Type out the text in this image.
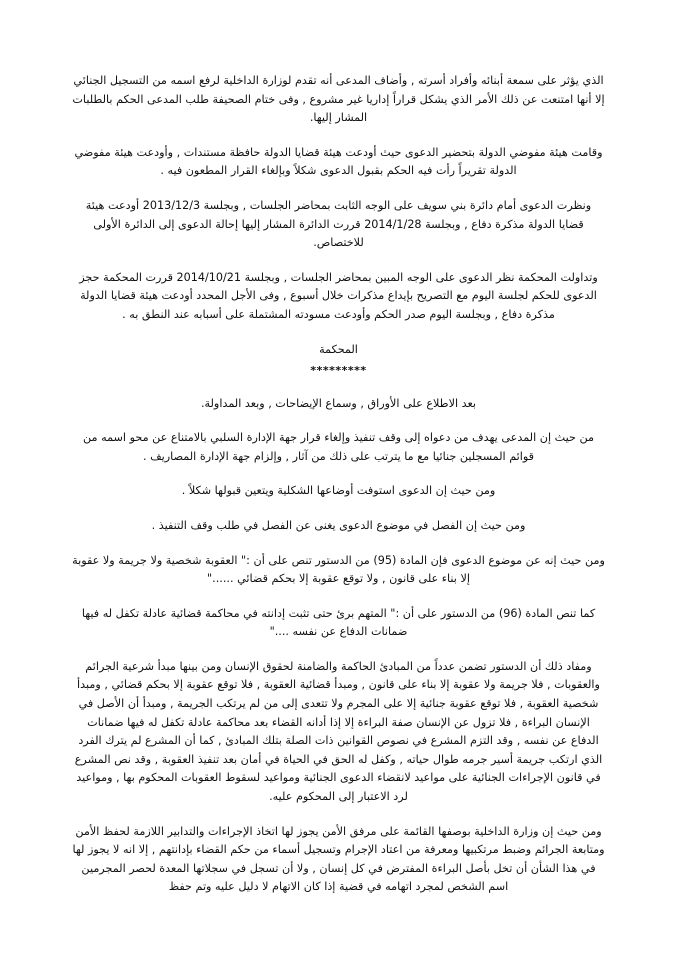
الذي يؤثر على سمعة أبنائه وأفراد أسرته , وأضاف المدعى أنه تقدم لوزارة الداخلية لرفع اسمه من التسجيل الجنائي إلا أنها امتنعت عن ذلك الأمر الذي يشكل قراراً إداريا غير مشروع , وفى ختام الصحيفة طلب المدعى الحكم بالطلبات المشار إليها.

وقامت هيئة مفوضي الدولة بتحضير الدعوى حيث أودعت هيئة قضايا الدولة حافظة مستندات , وأودعت هيئة مفوضي الدولة تقريراً رأت فيه الحكم بقبول الدعوى شكلاً وبإلغاء القرار المطعون فيه .

ونظرت الدعوى أمام دائرة بني سويف على الوجه الثابت بمحاضر الجلسات , وبجلسة 2013/12/3 أودعت هيئة قضايا الدولة مذكرة دفاع , وبجلسة 2014/1/28 قررت الدائرة المشار إليها إحالة الدعوى إلى الدائرة الأولى للاختصاص.

وتداولت المحكمة نظر الدعوى على الوجه المبين بمحاضر الجلسات , وبجلسة 2014/10/21 قررت المحكمة حجز الدعوى للحكم لجلسة اليوم مع التصريح بإيداع مذكرات خلال أسبوع , وفى الأجل المحدد أودعت هيئة قضايا الدولة مذكرة دفاع , وبجلسة اليوم صدر الحكم وأودعت مسودته المشتملة على أسبابه عند النطق به .

المحكمة

*********

بعد الاطلاع على الأوراق , وسماع الإيضاحات , وبعد المداولة.

من حيث إن المدعى يهدف من دعواه إلى وقف تنفيذ وإلغاء قرار جهة الإدارة السلبي بالامتناع عن محو اسمه من قوائم المسجلين جنائيا مع ما يترتب على ذلك من آثار , وإلزام جهة الإدارة المصاريف .

ومن حيث إن الدعوى استوفت أوضاعها الشكلية ويتعين قبولها شكلاً .

ومن حيث إن الفصل في موضوع الدعوى يغنى عن الفصل في طلب وقف التنفيذ .

ومن حيث إنه عن موضوع الدعوى فإن المادة (95) من الدستور تنص على أن :" العقوبة شخصية ولا جريمة ولا عقوبة إلا بناء على قانون , ولا توقع عقوبة إلا بحكم قضائي ......"

كما تنص المادة (96) من الدستور على أن :" المتهم برئ حتى تثبت إدانته في محاكمة قضائية عادلة تكفل له فيها ضمانات الدفاع عن نفسه ...."

ومفاد ذلك أن الدستور تضمن عدداً من المبادئ الحاكمة والضامنة لحقوق الإنسان ومن بينها مبدأ شرعية الجرائم والعقوبات , فلا جريمة ولا عقوبة إلا بناء على قانون , ومبدأ قضائية العقوبة , فلا توقع عقوبة إلا بحكم قضائي , ومبدأ شخصية العقوبة , فلا توقع عقوبة جنائية إلا على المجرم ولا تتعدى إلى من لم يرتكب الجريمة , ومبدأ أن الأصل في الإنسان البراءة , فلا تزول عن الإنسان صفة البراءة إلا إذا أدانه القضاء بعد محاكمة عادلة تكفل له فيها ضمانات الدفاع عن نفسه , وقد التزم المشرع في نصوص القوانين ذات الصلة بتلك المبادئ , كما أن المشرع لم يترك الفرد الذي ارتكب جريمة أسير جرمه طوال حياته , وكفل له الحق في الحياة في أمان بعد تنفيذ العقوبة , وقد نص المشرع في قانون الإجراءات الجنائية على مواعيد لانقضاء الدعوى الجنائية ومواعيد لسقوط العقوبات المحكوم بها , ومواعيد لرد الاعتبار إلى المحكوم عليه.

ومن حيث إن وزارة الداخلية بوصفها القائمة على مرفق الأمن يجوز لها اتخاذ الإجراءات والتدابير اللازمة لحفظ الأمن ومتابعة الجرائم وضبط مرتكبيها ومعرفة من اعتاد الإجرام وتسجيل أسماء من حكم القضاء بإدانتهم , إلا انه لا يجوز لها في هذا الشأن أن تخل بأصل البراءة المفترض في كل إنسان , ولا أن تسجل في سجلاتها المعدة لحصر المجرمين اسم الشخص لمجرد اتهامه في قضية إذا كان الاتهام لا دليل عليه وتم حفظ
